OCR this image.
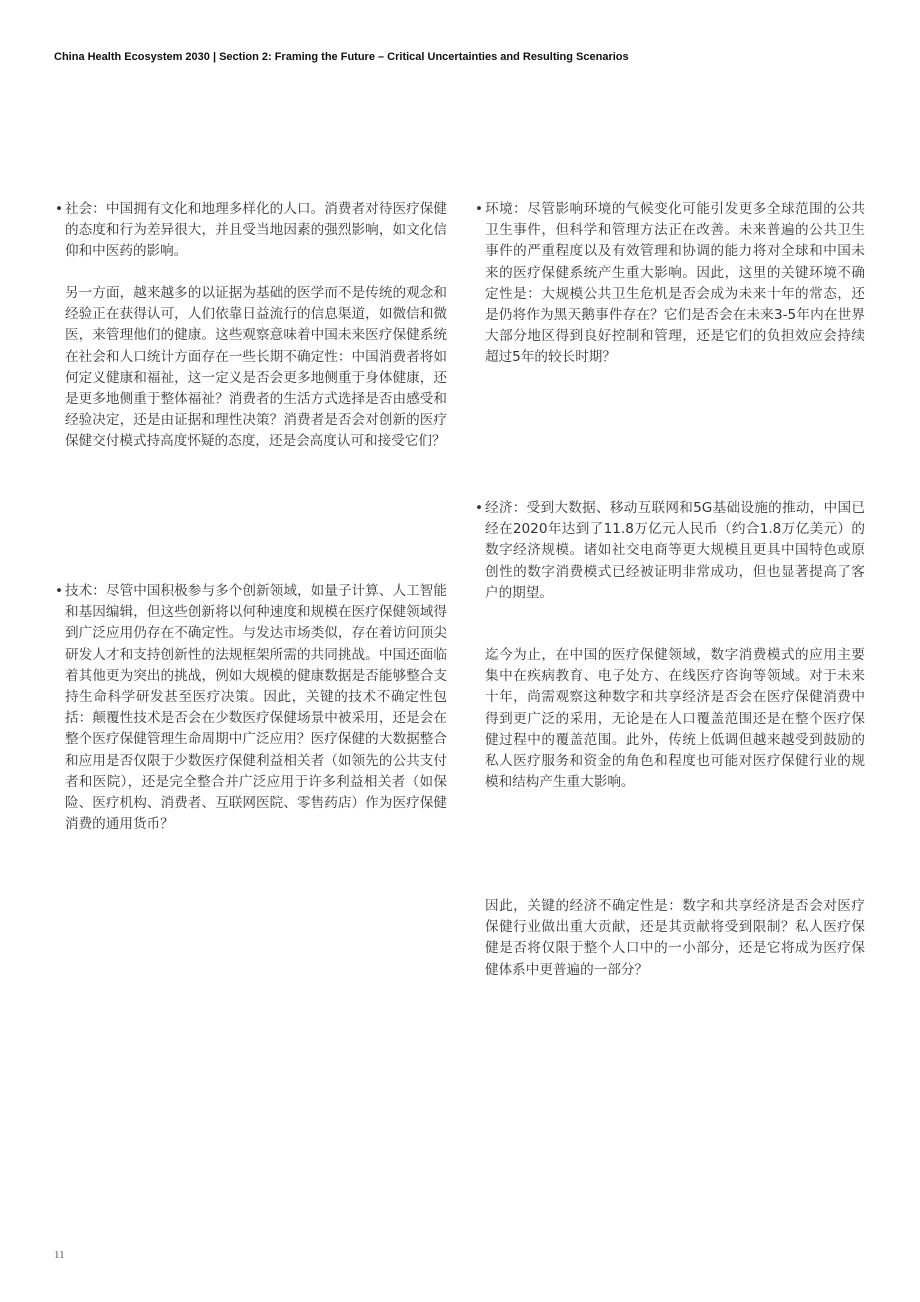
China Health Ecosystem 2030 | Section 2: Framing the Future – Critical Uncertainties and Resulting Scenarios
• 社会：中国拥有文化和地理多样化的人口。消费者对待医疗保健的态度和行为差异很大，并且受当地因素的强烈影响，如文化信仰和中医药的影响。
另一方面，越来越多的以证据为基础的医学而不是传统的观念和经验正在获得认可，人们依靠日益流行的信息渠道，如微信和微医，来管理他们的健康。这些观察意味着中国未来医疗保健系统在社会和人口统计方面存在一些长期不确定性：中国消费者将如何定义健康和福祉，这一定义是否会更多地侧重于身体健康，还是更多地侧重于整体福祉？消费者的生活方式选择是否由感受和经验决定，还是由证据和理性决策？消费者是否会对创新的医疗保健交付模式持高度怀疑的态度，还是会高度认可和接受它们？
• 技术：尽管中国积极参与多个创新领域，如量子计算、人工智能和基因编辑，但这些创新将以何种速度和规模在医疗保健领域得到广泛应用仍存在不确定性。与发达市场类似，存在着访问顶尖研发人才和支持创新性的法规框架所需的共同挑战。中国还面临着其他更为突出的挑战，例如大规模的健康数据是否能够整合支持生命科学研发甚至医疗决策。因此，关键的技术不确定性包括：颠覆性技术是否会在少数医疗保健场景中被采用，还是会在整个医疗保健管理生命周期中广泛应用？医疗保健的大数据整合和应用是否仅限于少数医疗保健利益相关者（如领先的公共支付者和医院），还是完全整合并广泛应用于许多利益相关者（如保险、医疗机构、消费者、互联网医院、零售药店）作为医疗保健消费的通用货币？
• 环境：尽管影响环境的气候变化可能引发更多全球范围的公共卫生事件，但科学和管理方法正在改善。未来普遍的公共卫生事件的严重程度以及有效管理和协调的能力将对全球和中国未来的医疗保健系统产生重大影响。因此，这里的关键环境不确定性是：大规模公共卫生危机是否会成为未来十年的常态，还是仍将作为黑天鹅事件存在？它们是否会在未来3-5年内在世界大部分地区得到良好控制和管理，还是它们的负担效应会持续超过5年的较长时期？
• 经济：受到大数据、移动互联网和5G基础设施的推动，中国已经在2020年达到了11.8万亿元人民币（约合1.8万亿美元）的数字经济规模。诸如社交电商等更大规模且更具中国特色或原创性的数字消费模式已经被证明非常成功，但也显著提高了客户的期望。
迄今为止，在中国的医疗保健领域，数字消费模式的应用主要集中在疾病教育、电子处方、在线医疗咨询等领域。对于未来十年，尚需观察这种数字和共享经济是否会在医疗保健消费中得到更广泛的采用，无论是在人口覆盖范围还是在整个医疗保健过程中的覆盖范围。此外，传统上低调但越来越受到鼓励的私人医疗服务和资金的角色和程度也可能对医疗保健行业的规模和结构产生重大影响。
因此，关键的经济不确定性是：数字和共享经济是否会对医疗保健行业做出重大贡献，还是其贡献将受到限制？私人医疗保健是否将仅限于整个人口中的一小部分，还是它将成为医疗保健体系中更普遍的一部分？
11
